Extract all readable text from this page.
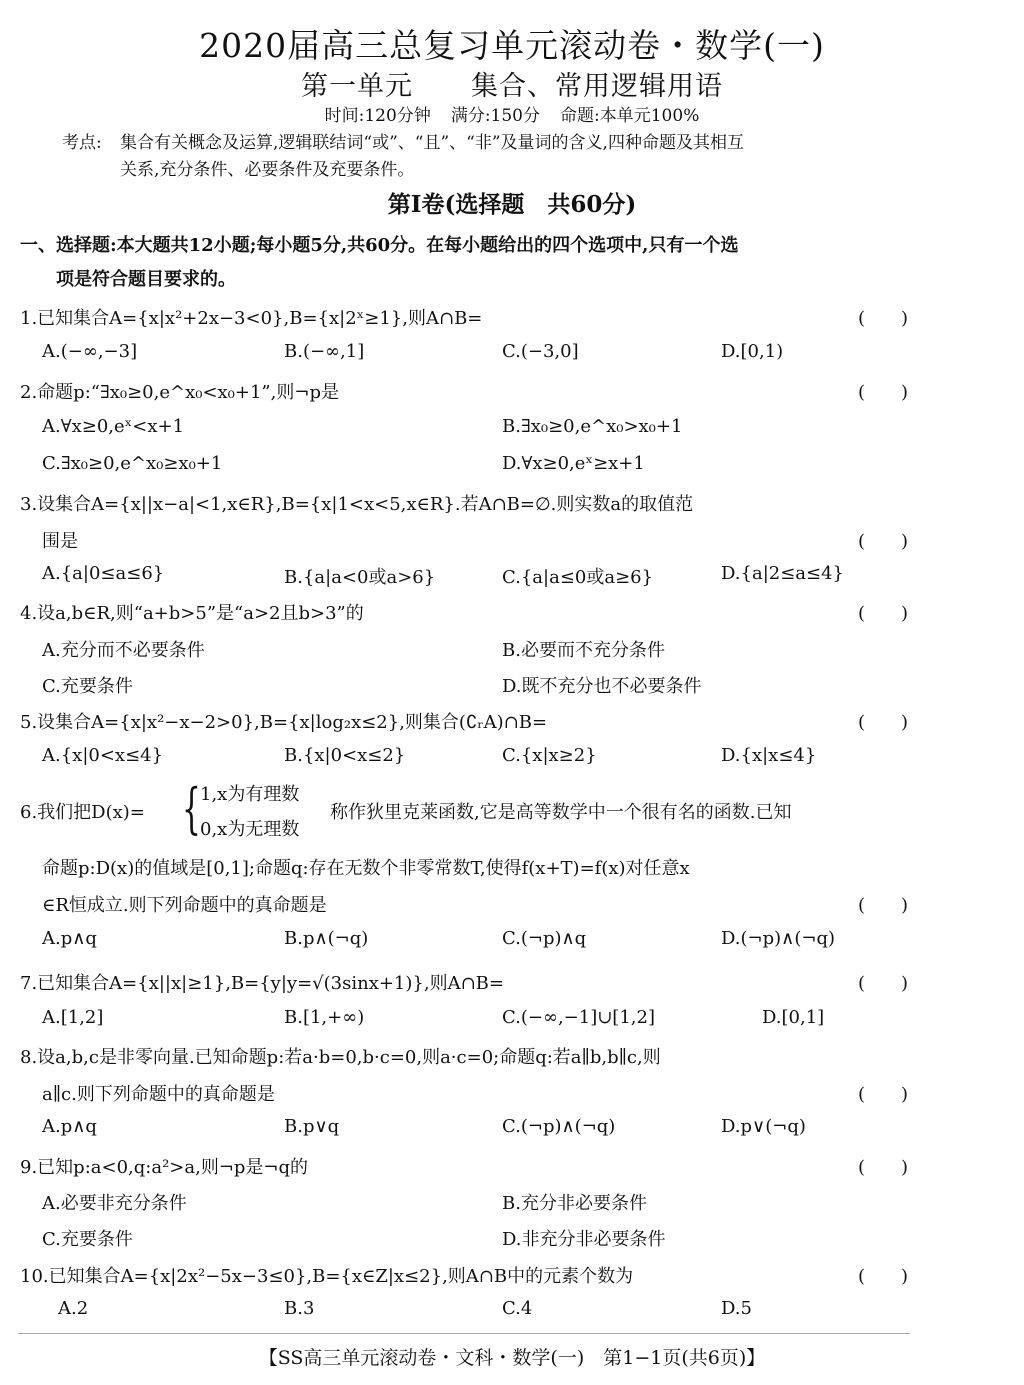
2020届高三总复习单元滚动卷・数学(一)
第一单元 集合、常用逻辑用语
时间:120分钟 满分:150分 命题:本单元100%
考点: 集合有关概念及运算,逻辑联结词“或”、“且”、“非”及量词的含义,四种命题及其相互
关系,充分条件、必要条件及充要条件。
第Ⅰ卷(选择题　共60分)
一、选择题:本大题共12小题;每小题5分,共60分。在每小题给出的四个选项中,只有一个选
项是符合题目要求的。
1.已知集合A={x|x²+2x−3<0},B={x|2ˣ≥1},则A∩B=	(　　)
A.(−∞,−3]	B.(−∞,1]	C.(−3,0]	D.[0,1)
2.命题p:“∃x₀≥0,e^x₀<x₀+1”,则¬p是	(　　)
A.∀x≥0,eˣ<x+1	B.∃x₀≥0,e^x₀>x₀+1
C.∃x₀≥0,e^x₀≥x₀+1	D.∀x≥0,eˣ≥x+1
3.设集合A={x||x−a|<1,x∈R},B={x|1<x<5,x∈R}.若A∩B=∅.则实数a的取值范
围是	(　　)
A.{a|0≤a≤6}	B.{a|a<0或a>6}	C.{a|a≤0或a≥6}	D.{a|2≤a≤4}
4.设a,b∈R,则“a+b>5”是“a>2且b>3”的	(　　)
A.充分而不必要条件	B.必要而不充分条件
C.充要条件	D.既不充分也不必要条件
5.设集合A={x|x²−x−2>0},B={x|log₂x≤2},则集合(∁ᵣA)∩B=	(　　)
A.{x|0<x≤4}	B.{x|0<x≤2}	C.{x|x≥2}	D.{x|x≤4}
6.我们把D(x)= { 1,x为有理数
0,x为无理数
称作狄里克莱函数,它是高等数学中一个很有名的函数.已知
命题p:D(x)的值域是[0,1];命题q:存在无数个非零常数T,使得f(x+T)=f(x)对任意x
∈R恒成立.则下列命题中的真命题是	(　　)
A.p∧q	B.p∧(¬q)	C.(¬p)∧q	D.(¬p)∧(¬q)
7.已知集合A={x||x|≥1},B={y|y=√(3sinx+1)},则A∩B=	(　　)
A.[1,2]	B.[1,+∞)	C.(−∞,−1]∪[1,2]	D.[0,1]
8.设a,b,c是非零向量.已知命题p:若a·b=0,b·c=0,则a·c=0;命题q:若a∥b,b∥c,则
a∥c.则下列命题中的真命题是	(　　)
A.p∧q	B.p∨q	C.(¬p)∧(¬q)	D.p∨(¬q)
9.已知p:a<0,q:a²>a,则¬p是¬q的	(　　)
A.必要非充分条件	B.充分非必要条件
C.充要条件	D.非充分非必要条件
10.已知集合A={x|2x²−5x−3≤0},B={x∈Z|x≤2},则A∩B中的元素个数为	(　　)
A.2	B.3	C.4	D.5
【SS高三单元滚动卷・文科・数学(一)　第1−1页(共6页)】
